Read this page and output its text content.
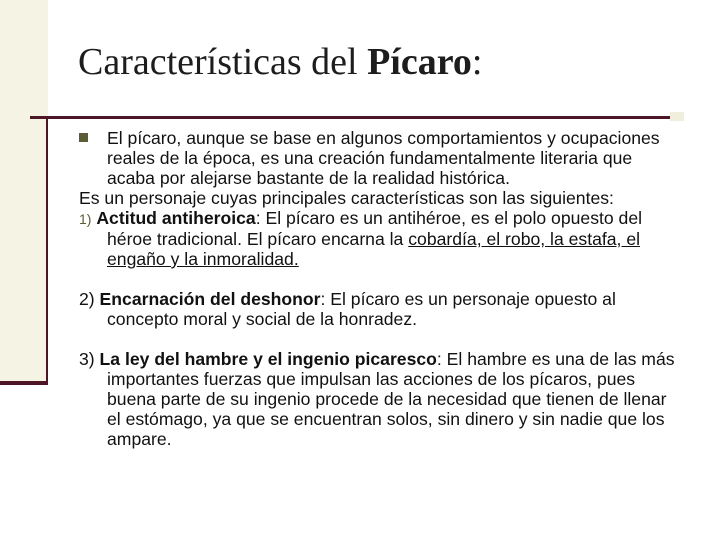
Características del Pícaro:

El pícaro, aunque se base en algunos comportamientos y ocupaciones reales de la época, es una creación fundamentalmente literaria que acaba por alejarse bastante de la realidad histórica.

Es un personaje cuyas principales características son las siguientes:

1) Actitud antiheroica: El pícaro es un antihéroe, es el polo opuesto del héroe tradicional. El pícaro encarna la cobardía, el robo, la estafa, el engaño y la inmoralidad.

2) Encarnación del deshonor: El pícaro es un personaje opuesto al concepto moral y social de la honradez.

3) La ley del hambre y el ingenio picaresco: El hambre es una de las más importantes fuerzas que impulsan las acciones de los pícaros, pues buena parte de su ingenio procede de la necesidad que tienen de llenar el estómago, ya que se encuentran solos, sin dinero y sin nadie que los ampare.
